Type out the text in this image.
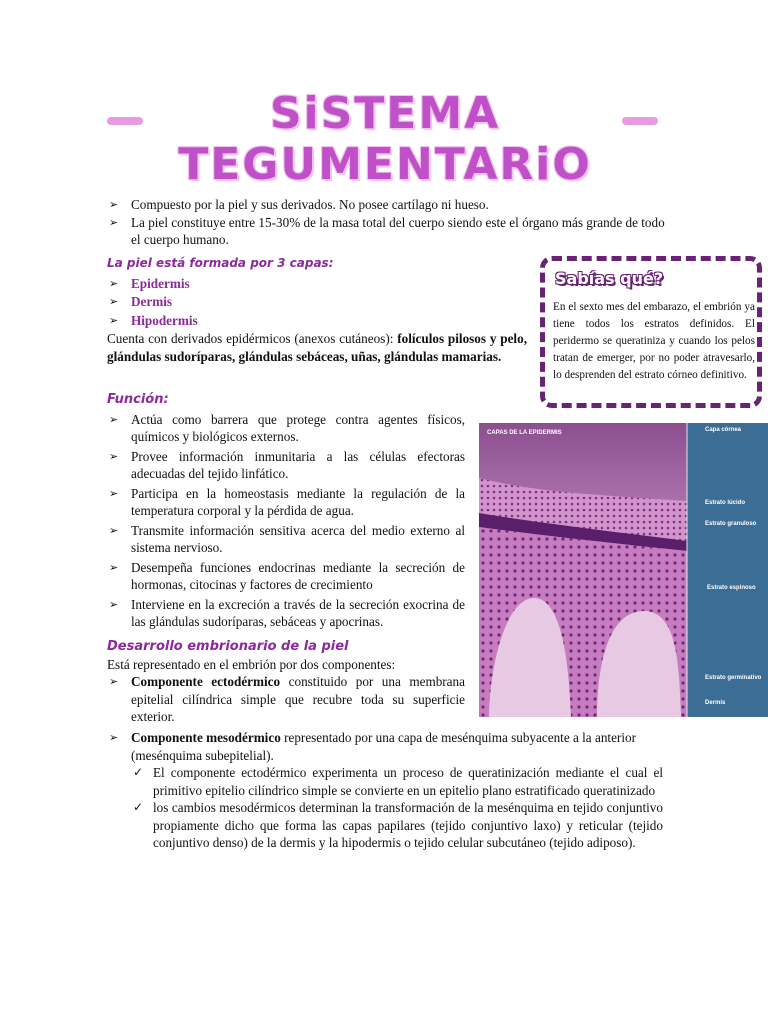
SiSTEMA TEGUMENTARiO
➢ Compuesto por la piel y sus derivados. No posee cartílago ni hueso.
➢ La piel constituye entre 15-30% de la masa total del cuerpo siendo este el órgano más grande de todo el cuerpo humano.
La piel está formada por 3 capas:
➢ Epidermis
➢ Dermis
➢ Hipodermis
Cuenta con derivados epidérmicos (anexos cutáneos): folículos pilosos y pelo, glándulas sudoríparas, glándulas sebáceas, uñas, glándulas mamarias.
Sabías qué?
En el sexto mes del embarazo, el embrión ya tiene todos los estratos definidos. El peridermo se queratiniza y cuando los pelos tratan de emerger, por no poder atravesarlo, lo desprenden del estrato córneo definitivo.
Función:
➢ Actúa como barrera que protege contra agentes físicos, químicos y biológicos externos.
➢ Provee información inmunitaria a las células efectoras adecuadas del tejido linfático.
➢ Participa en la homeostasis mediante la regulación de la temperatura corporal y la pérdida de agua.
➢ Transmite información sensitiva acerca del medio externo al sistema nervioso.
➢ Desempeña funciones endocrinas mediante la secreción de hormonas, citocinas y factores de crecimiento
➢ Interviene en la excreción a través de la secreción exocrina de las glándulas sudoríparas, sebáceas y apocrinas.
CAPAS DE LA EPIDERMIS	Capa córnea
Estrato lúcido
Estrato granuloso
Estrato espinoso
Estrato germinativo
Dermis
Desarrollo embrionario de la piel
Está representado en el embrión por dos componentes:
➢ Componente ectodérmico constituido por una membrana epitelial cilíndrica simple que recubre toda su superficie exterior.
➢ Componente mesodérmico representado por una capa de mesénquima subyacente a la anterior (mesénquima subepitelial).
✓ El componente ectodérmico experimenta un proceso de queratinización mediante el cual el primitivo epitelio cilíndrico simple se convierte en un epitelio plano estratificado queratinizado
✓ los cambios mesodérmicos determinan la transformación de la mesénquima en tejido conjuntivo propiamente dicho que forma las capas papilares (tejido conjuntivo laxo) y reticular (tejido conjuntivo denso) de la dermis y la hipodermis o tejido celular subcutáneo (tejido adiposo).
